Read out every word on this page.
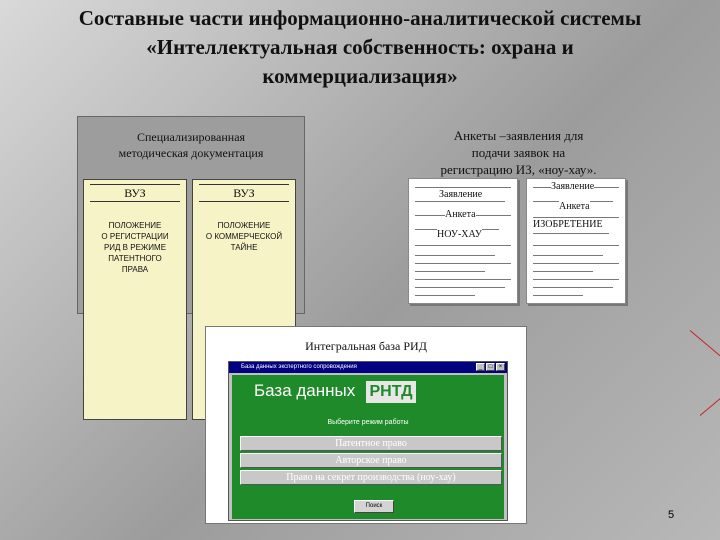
Составные части информационно-аналитической системы
«Интеллектуальная собственность: охрана и
коммерциализация»
Специализированная
методическая документация
ВУЗ
ПОЛОЖЕНИЕ
О РЕГИСТРАЦИИ
РИД В РЕЖИМЕ
ПАТЕНТНОГО
ПРАВА
ВУЗ
ПОЛОЖЕНИЕ
О КОММЕРЧЕСКОЙ
ТАЙНЕ
Анкеты –заявления для
подачи заявок на
регистрацию ИЗ, «ноу-хау».
Заявление
Анкета
НОУ-ХАУ
Заявление
Анкета
ИЗОБРЕТЕНИЕ
Интегральная база РИД
База данных экспертного сопровождения	_	□	×
База данных РНТД
Выберите режим работы
Патентное право
Авторское право
Право на секрет производства (ноу-хау)
Поиск
5
